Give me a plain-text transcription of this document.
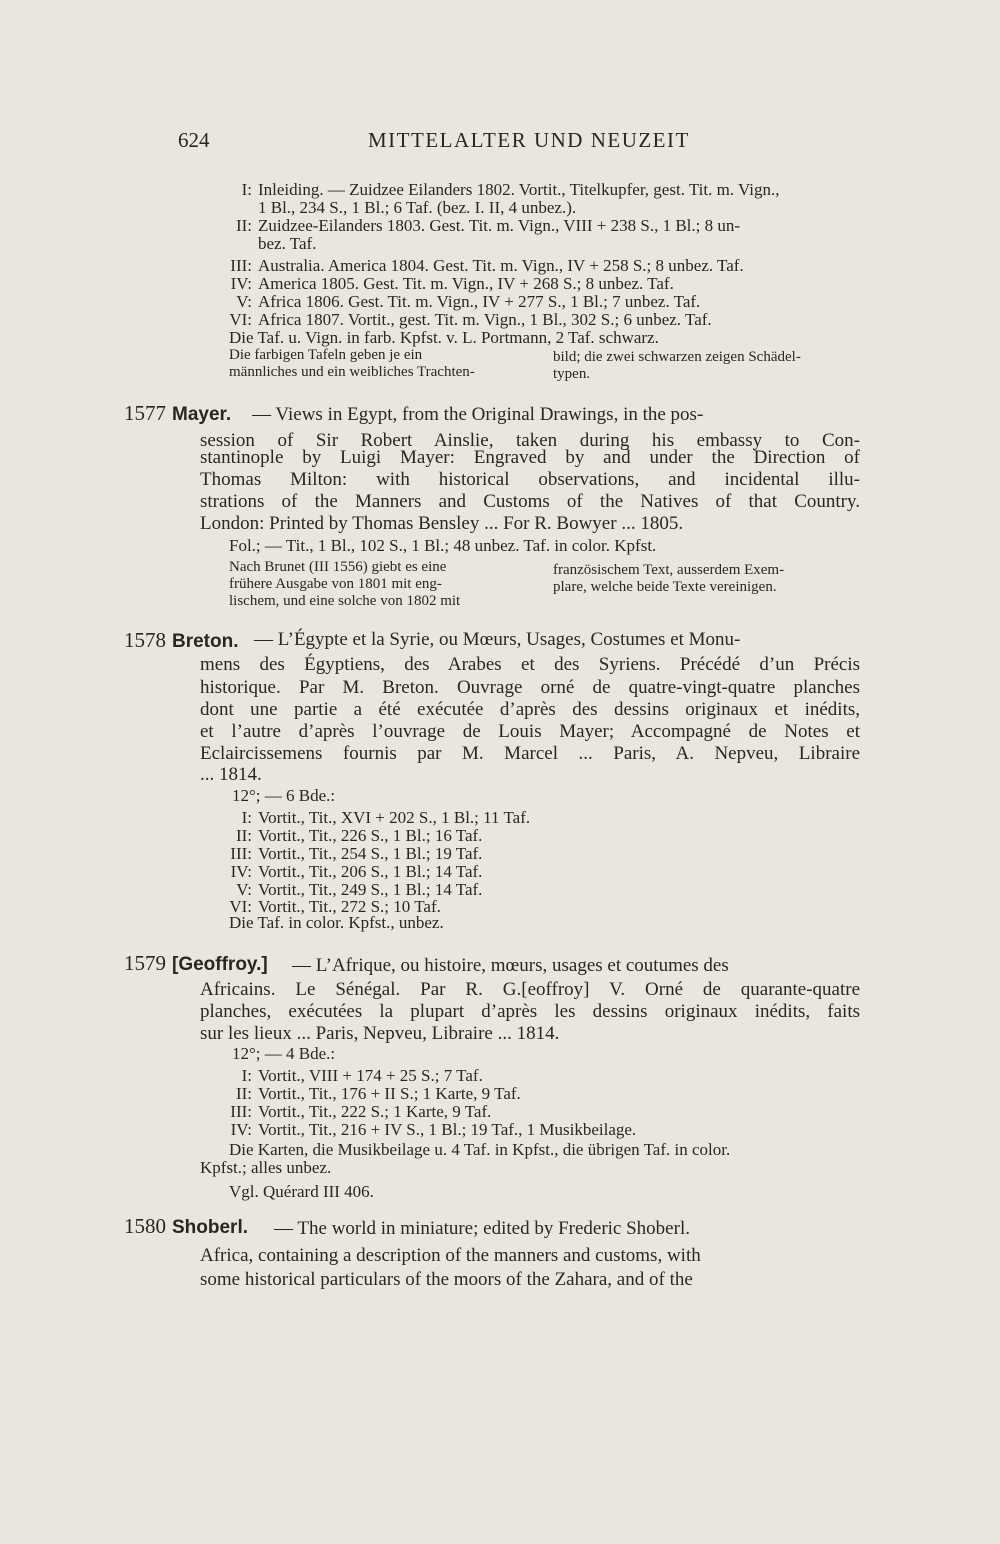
624	MITTELALTER UND NEUZEIT
I: Inleiding. — Zuidzee Eilanders 1802. Vortit., Titelkupfer, gest. Tit. m. Vign.,
1 Bl., 234 S., 1 Bl.; 6 Taf. (bez. I. II, 4 unbez.).
II: Zuidzee-Eilanders 1803. Gest. Tit. m. Vign., VIII + 238 S., 1 Bl.; 8 un-
bez. Taf.
III: Australia. America 1804. Gest. Tit. m. Vign., IV + 258 S.; 8 unbez. Taf.
IV: America 1805. Gest. Tit. m. Vign., IV + 268 S.; 8 unbez. Taf.
V: Africa 1806. Gest. Tit. m. Vign., IV + 277 S., 1 Bl.; 7 unbez. Taf.
VI: Africa 1807. Vortit., gest. Tit. m. Vign., 1 Bl., 302 S.; 6 unbez. Taf.
Die Taf. u. Vign. in farb. Kpfst. v. L. Portmann, 2 Taf. schwarz.
Die farbigen Tafeln geben je ein
männliches und ein weibliches Trachten-
bild; die zwei schwarzen zeigen Schädel-
typen.
1577 Mayer. — Views in Egypt, from the Original Drawings, in the pos-
session of Sir Robert Ainslie, taken during his embassy to Con-
stantinople by Luigi Mayer: Engraved by and under the Direction of
Thomas Milton: with historical observations, and incidental illu-
strations of the Manners and Customs of the Natives of that Country.
London: Printed by Thomas Bensley ... For R. Bowyer ... 1805.
Fol.; — Tit., 1 Bl., 102 S., 1 Bl.; 48 unbez. Taf. in color. Kpfst.
Nach Brunet (III 1556) giebt es eine
frühere Ausgabe von 1801 mit eng-
lischem, und eine solche von 1802 mit
französischem Text, ausserdem Exem-
plare, welche beide Texte vereinigen.
1578 Breton. — L’Égypte et la Syrie, ou Mœurs, Usages, Costumes et Monu-
mens des Égyptiens, des Arabes et des Syriens. Précédé d’un Précis
historique. Par M. Breton. Ouvrage orné de quatre-vingt-quatre planches
dont une partie a été exécutée d’après des dessins originaux et inédits,
et l’autre d’après l’ouvrage de Louis Mayer; Accompagné de Notes et
Eclaircissemens fournis par M. Marcel ... Paris, A. Nepveu, Libraire
... 1814.
12°; — 6 Bde.:
I: Vortit., Tit., XVI + 202 S., 1 Bl.; 11 Taf.
II: Vortit., Tit., 226 S., 1 Bl.; 16 Taf.
III: Vortit., Tit., 254 S., 1 Bl.; 19 Taf.
IV: Vortit., Tit., 206 S., 1 Bl.; 14 Taf.
V: Vortit., Tit., 249 S., 1 Bl.; 14 Taf.
VI: Vortit., Tit., 272 S.; 10 Taf.
Die Taf. in color. Kpfst., unbez.
1579 [Geoffroy.] — L’Afrique, ou histoire, mœurs, usages et coutumes des
Africains. Le Sénégal. Par R. G.[eoffroy] V. Orné de quarante-quatre
planches, exécutées la plupart d’après les dessins originaux inédits, faits
sur les lieux ... Paris, Nepveu, Libraire ... 1814.
12°; — 4 Bde.:
I: Vortit., VIII + 174 + 25 S.; 7 Taf.
II: Vortit., Tit., 176 + II S.; 1 Karte, 9 Taf.
III: Vortit., Tit., 222 S.; 1 Karte, 9 Taf.
IV: Vortit., Tit., 216 + IV S., 1 Bl.; 19 Taf., 1 Musikbeilage.
Die Karten, die Musikbeilage u. 4 Taf. in Kpfst., die übrigen Taf. in color.
Kpfst.; alles unbez.
Vgl. Quérard III 406.
1580 Shoberl. — The world in miniature; edited by Frederic Shoberl.
Africa, containing a description of the manners and customs, with
some historical particulars of the moors of the Zahara, and of the
